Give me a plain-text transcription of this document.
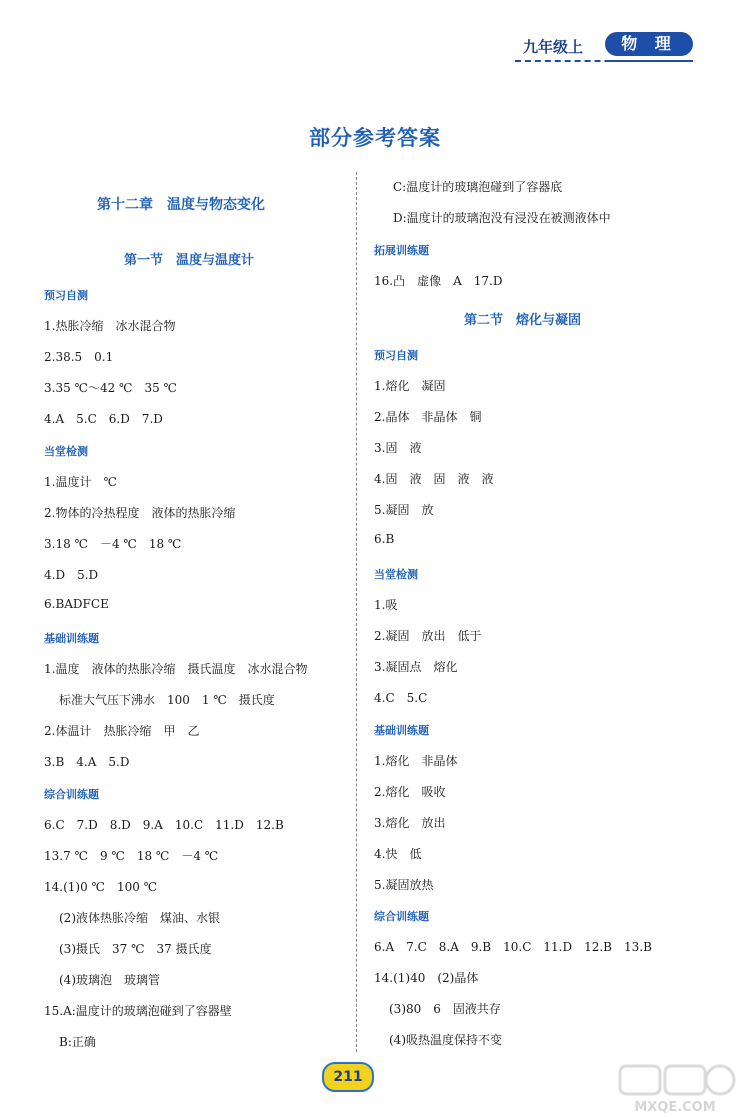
九年级上	物 理
部分参考答案
第十二章　温度与物态变化
第一节　温度与温度计
预习自测
1.热胀冷缩　冰水混合物
2.38.5　0.1
3.35 ℃～42 ℃　35 ℃
4.A　5.C　6.D　7.D
当堂检测
1.温度计　℃
2.物体的冷热程度　液体的热胀冷缩
3.18 ℃　－4 ℃　18 ℃
4.D　5.D
6.BADFCE
基础训练题
1.温度　液体的热胀冷缩　摄氏温度　冰水混合物
标准大气压下沸水　100　1 ℃　摄氏度
2.体温计　热胀冷缩　甲　乙
3.B　4.A　5.D
综合训练题
6.C　7.D　8.D　9.A　10.C　11.D　12.B
13.7 ℃　9 ℃　18 ℃　－4 ℃
14.(1)0 ℃　100 ℃
(2)液体热胀冷缩　煤油、水银
(3)摄氏　37 ℃　37 摄氏度
(4)玻璃泡　玻璃管
15.A:温度计的玻璃泡碰到了容器壁
B:正确
C:温度计的玻璃泡碰到了容器底
D:温度计的玻璃泡没有浸没在被测液体中
拓展训练题
16.凸　虚像　A　17.D
第二节　熔化与凝固
预习自测
1.熔化　凝固
2.晶体　非晶体　铜
3.固　液
4.固　液　固　液　液
5.凝固　放
6.B
当堂检测
1.吸
2.凝固　放出　低于
3.凝固点　熔化
4.C　5.C
基础训练题
1.熔化　非晶体
2.熔化　吸收
3.熔化　放出
4.快　低
5.凝固放热
综合训练题
6.A　7.C　8.A　9.B　10.C　11.D　12.B　13.B
14.(1)40　(2)晶体
(3)80　6　固液共存
(4)吸热温度保持不变
211
MXQE.COM
